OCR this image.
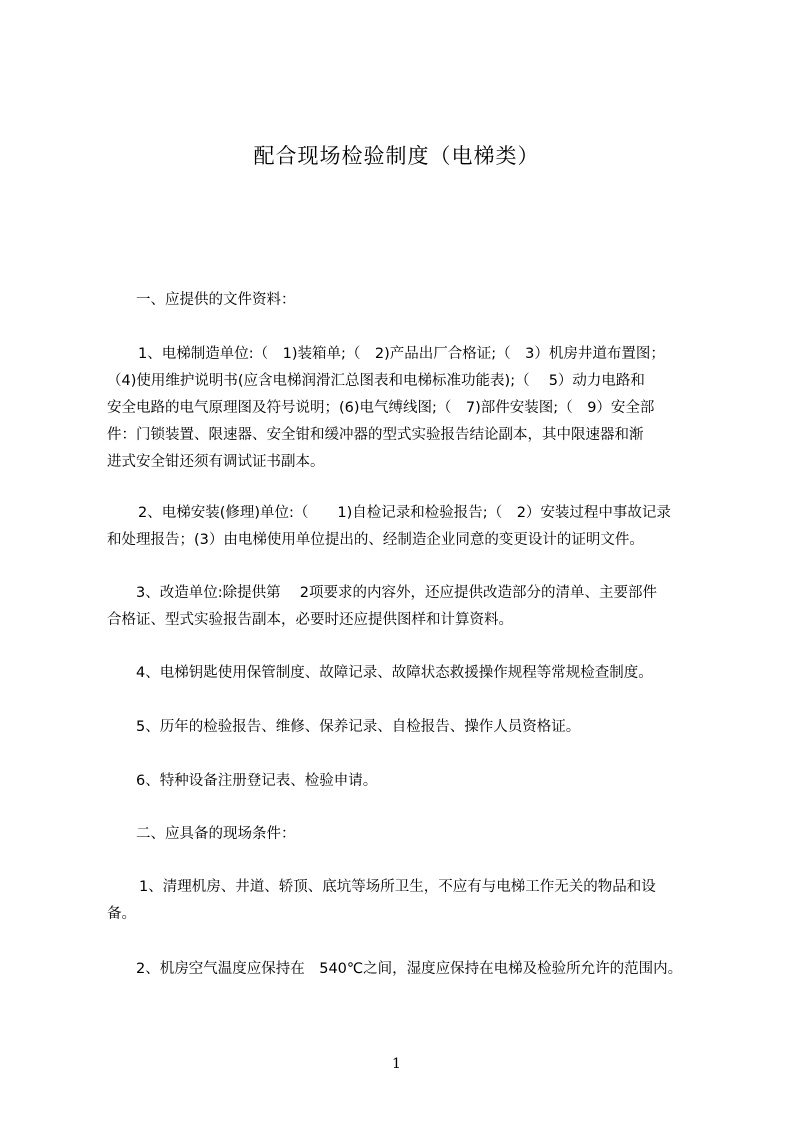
配合现场检验制度（电梯类）
一、应提供的文件资料：
1、电梯制造单位:（　1)装箱单;（　2)产品出厂合格证;（　3）机房井道布置图；
（4)使用维护说明书(应含电梯润滑汇总图表和电梯标准功能表);（　 5）动力电路和
安全电路的电气原理图及符号说明；(6)电气缚线图;（　7)部件安装图;（　9）安全部
件：门锁装置、限速器、安全钳和缓冲器的型式实验报告结论副本，其中限速器和渐
进式安全钳还须有调试证书副本。
2、电梯安装(修理)单位:（　　1)自检记录和检验报告;（　2）安装过程中事故记录
和处理报告；(3）由电梯使用单位提出的、经制造企业同意的变更设计的证明文件。
3、改造单位:除提供第　 2项要求的内容外，还应提供改造部分的清单、主要部件
合格证、型式实验报告副本，必要时还应提供图样和计算资料。
4、电梯钥匙使用保管制度、故障记录、故障状态救援操作规程等常规检查制度。
5、历年的检验报告、维修、保养记录、自检报告、操作人员资格证。
6、特种设备注册登记表、检验申请。
二、应具备的现场条件：
1、清理机房、井道、轿顶、底坑等场所卫生，不应有与电梯工作无关的物品和设
备。
2、机房空气温度应保持在　540℃之间，湿度应保持在电梯及检验所允许的范围内。
1
